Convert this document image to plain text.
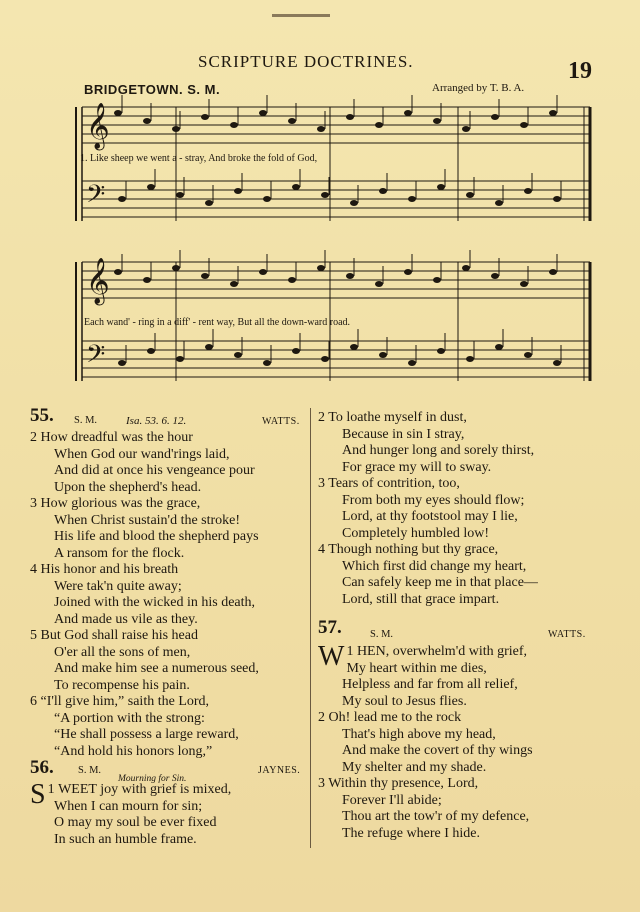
SCRIPTURE DOCTRINES.	19
BRIDGETOWN. S. M.	Arranged by T. B. A.
𝄞
𝄢
𝄞
𝄢
1. Like sheep we went a - stray, And broke the fold of God,
Each wand' - ring in a diff' - rent way, But all the down-ward road.
55. S. M.	Isa. 53. 6. 12.	WATTS.
2 How dreadful was the hour
When God our wand'rings laid,
And did at once his vengeance pour
Upon the shepherd's head.
3 How glorious was the grace,
When Christ sustain'd the stroke!
His life and blood the shepherd pays
A ransom for the flock.
4 His honor and his breath
Were tak'n quite away;
Joined with the wicked in his death,
And made us vile as they.
5 But God shall raise his head
O'er all the sons of men,
And make him see a numerous seed,
To recompense his pain.
6 “I'll give him,” saith the Lord,
“A portion with the strong:
“He shall possess a large reward,
“And hold his honors long,”
56. S. M.
Mourning for Sin.
JAYNES.
1
S WEET joy with grief is mixed,
When I can mourn for sin;
O may my soul be ever fixed
In such an humble frame.
2 To loathe myself in dust,
Because in sin I stray,
And hunger long and sorely thirst,
For grace my will to sway.
3 Tears of contrition, too,
From both my eyes should flow;
Lord, at thy footstool may I lie,
Completely humbled low!
4 Though nothing but thy grace,
Which first did change my heart,
Can safely keep me in that place—
Lord, still that grace impart.
57.	S. M.	WATTS.
1
W HEN, overwhelm'd with grief,
My heart within me dies,
Helpless and far from all relief,
My soul to Jesus flies.
2 Oh! lead me to the rock
That's high above my head,
And make the covert of thy wings
My shelter and my shade.
3 Within thy presence, Lord,
Forever I'll abide;
Thou art the tow'r of my defence,
The refuge where I hide.
